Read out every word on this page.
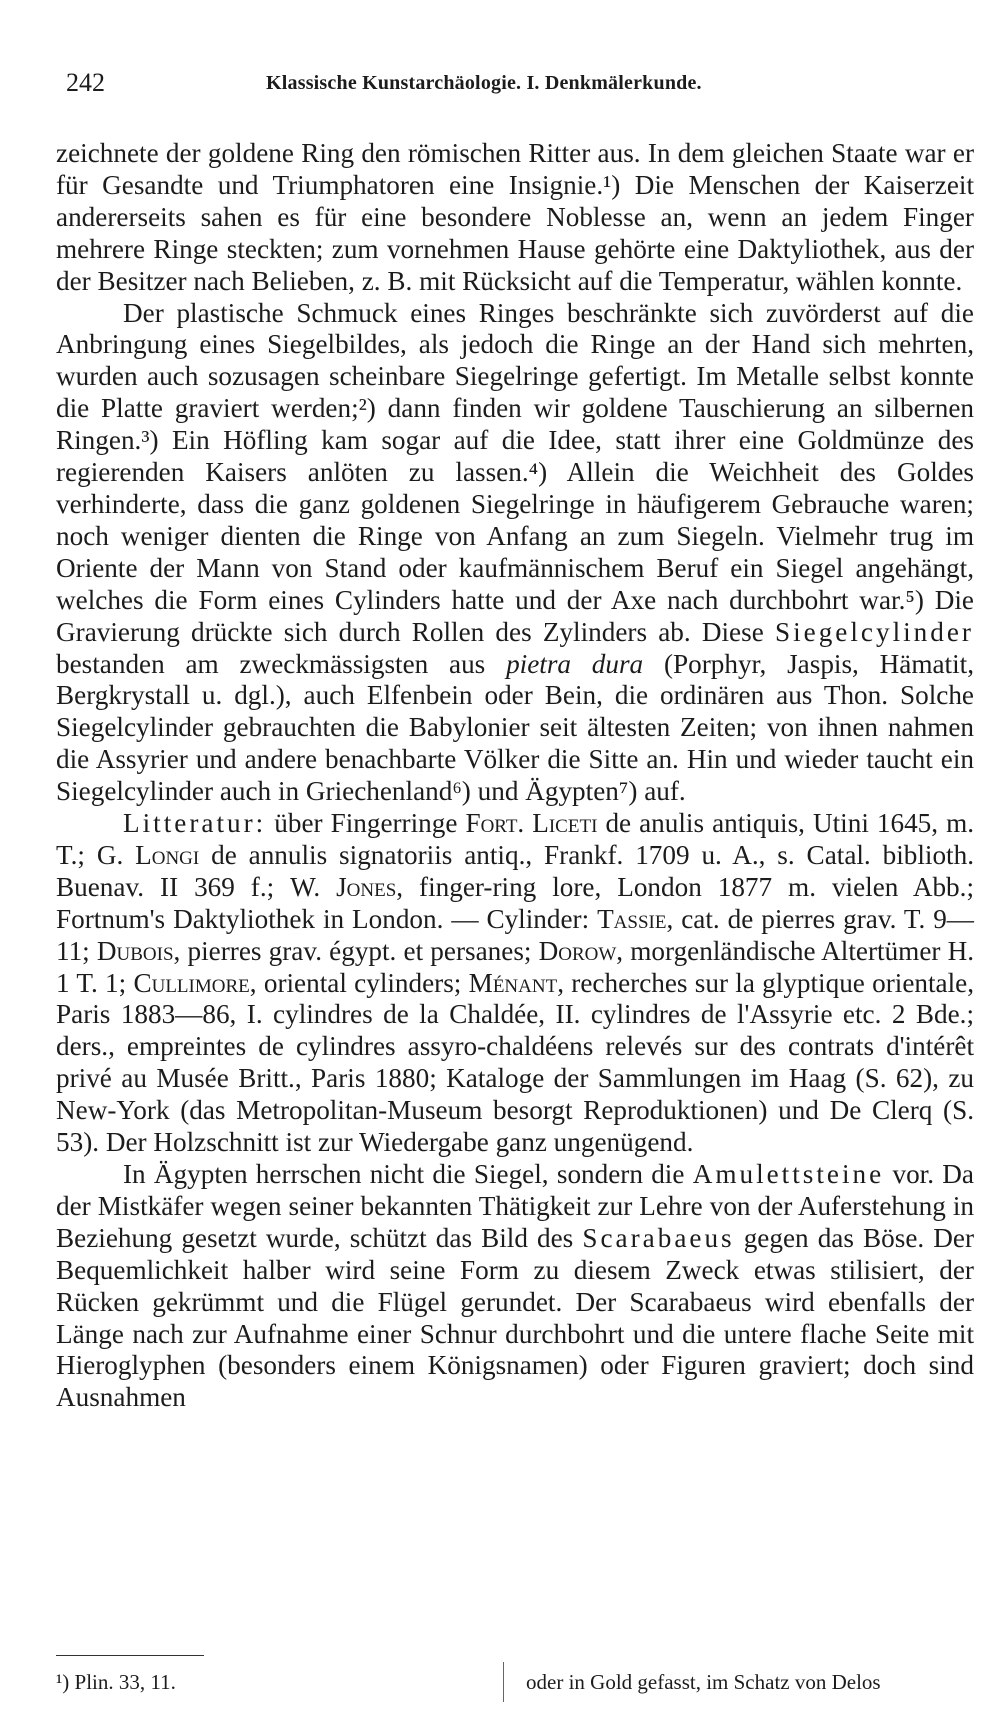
242	Klassische Kunstarchäologie. I. Denkmälerkunde.

zeichnete der goldene Ring den römischen Ritter aus. In dem gleichen Staate war er für Gesandte und Triumphatoren eine Insignie.¹) Die Menschen der Kaiserzeit andererseits sahen es für eine besondere Noblesse an, wenn an jedem Finger mehrere Ringe steckten; zum vornehmen Hause gehörte eine Daktyliothek, aus der der Besitzer nach Belieben, z. B. mit Rücksicht auf die Temperatur, wählen konnte.

Der plastische Schmuck eines Ringes beschränkte sich zuvörderst auf die Anbringung eines Siegelbildes, als jedoch die Ringe an der Hand sich mehrten, wurden auch sozusagen scheinbare Siegelringe gefertigt. Im Metalle selbst konnte die Platte graviert werden;²) dann finden wir goldene Tauschierung an silbernen Ringen.³) Ein Höfling kam sogar auf die Idee, statt ihrer eine Goldmünze des regierenden Kaisers anlöten zu lassen.⁴) Allein die Weichheit des Goldes verhinderte, dass die ganz goldenen Siegelringe in häufigerem Gebrauche waren; noch weniger dienten die Ringe von Anfang an zum Siegeln. Vielmehr trug im Oriente der Mann von Stand oder kaufmännischem Beruf ein Siegel angehängt, welches die Form eines Cylinders hatte und der Axe nach durchbohrt war.⁵) Die Gravierung drückte sich durch Rollen des Zylinders ab. Diese Siegelcylinder bestanden am zweckmässigsten aus pietra dura (Porphyr, Jaspis, Hämatit, Bergkrystall u. dgl.), auch Elfenbein oder Bein, die ordinären aus Thon. Solche Siegelcylinder gebrauchten die Babylonier seit ältesten Zeiten; von ihnen nahmen die Assyrier und andere benachbarte Völker die Sitte an. Hin und wieder taucht ein Siegelcylinder auch in Griechenland⁶) und Ägypten⁷) auf.

Litteratur: über Fingerringe Fort. Liceti de anulis antiquis, Utini 1645, m. T.; G. Longi de annulis signatoriis antiq., Frankf. 1709 u. A., s. Catal. biblioth. Buenav. II 369 f.; W. Jones, finger-ring lore, London 1877 m. vielen Abb.; Fortnum's Daktyliothek in London. — Cylinder: Tassie, cat. de pierres grav. T. 9—11; Dubois, pierres grav. égypt. et persanes; Dorow, morgenländische Altertümer H. 1 T. 1; Cullimore, oriental cylinders; Ménant, recherches sur la glyptique orientale, Paris 1883—86, I. cylindres de la Chaldée, II. cylindres de l'Assyrie etc. 2 Bde.; ders., empreintes de cylindres assyro-chaldéens relevés sur des contrats d'intérêt privé au Musée Britt., Paris 1880; Kataloge der Sammlungen im Haag (S. 62), zu New-York (das Metropolitan-Museum besorgt Reproduktionen) und De Clerq (S. 53). Der Holzschnitt ist zur Wiedergabe ganz ungenügend.

In Ägypten herrschen nicht die Siegel, sondern die Amulettsteine vor. Da der Mistkäfer wegen seiner bekannten Thätigkeit zur Lehre von der Auferstehung in Beziehung gesetzt wurde, schützt das Bild des Scarabaeus gegen das Böse. Der Bequemlichkeit halber wird seine Form zu diesem Zweck etwas stilisiert, der Rücken gekrümmt und die Flügel gerundet. Der Scarabaeus wird ebenfalls der Länge nach zur Aufnahme einer Schnur durchbohrt und die untere flache Seite mit Hieroglyphen (besonders einem Königsnamen) oder Figuren graviert; doch sind Ausnahmen

¹) Plin. 33, 11.	oder in Gold gefasst, im Schatz von Delos
